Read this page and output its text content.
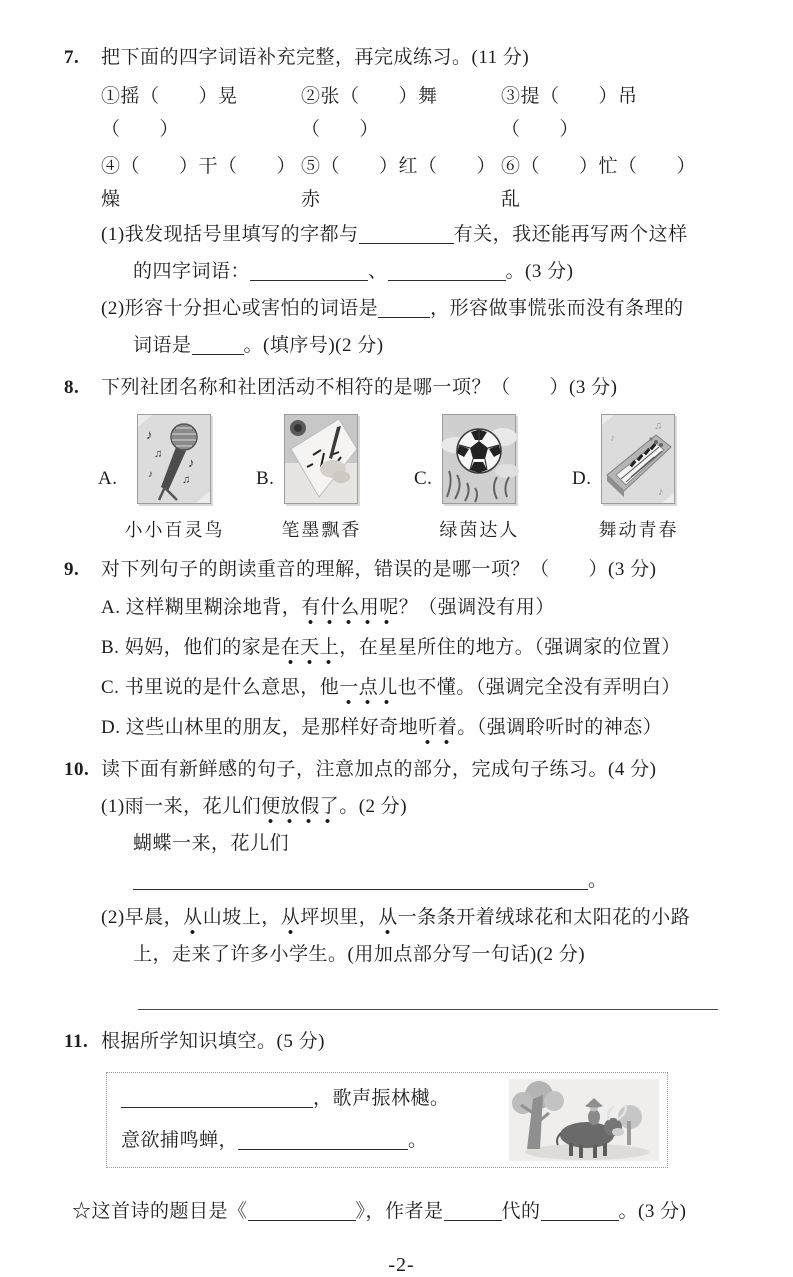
7.	把下面的四字词语补充完整，再完成练习。(11 分)
①摇（　　）晃（　　）
②张（　　）舞（　　）
③提（　　）吊（　　）
④（　　）干（　　）燥
⑤（　　）红（　　）赤
⑥（　　）忙（　　）乱
(1)我发现括号里填写的字都与	有关，我还能再写两个这样
的四字词语：	、	。(3 分)
(2)形容十分担心或害怕的词语是	，形容做事慌张而没有条理的
词语是	。(填序号)(2 分)
8.	下列社团名称和社团活动不相符的是哪一项？（　　）(3 分)
A.
♪
♫
♪
♫
♪
小小百灵鸟
B.
笔墨飘香
C.
绿茵达人
D.
♫
♪
♪
舞动青春
9.	对下列句子的朗读重音的理解，错误的是哪一项？（　　）(3 分)
A. 这样糊里糊涂地背，有什么用呢？（强调没有用）
B. 妈妈，他们的家是在天上，在星星所住的地方。（强调家的位置）
C. 书里说的是什么意思，他一点儿也不懂。（强调完全没有弄明白）
D. 这些山林里的朋友，是那样好奇地听着。（强调聆听时的神态）
10. 读下面有新鲜感的句子，注意加点的部分，完成句子练习。(4 分)
(1)雨一来，花儿们便放假了。(2 分)
蝴蝶一来，花儿们。
(2)早晨，从山坡上，从坪坝里，从一条条开着绒球花和太阳花的小路
上，走来了许多小学生。(用加点部分写一句话)(2 分)
11. 根据所学知识填空。(5 分)
，歌声振林樾。
意欲捕鸣蝉，	。
☆这首诗的题目是《	》，作者是	代的	。(3 分)
-2-
